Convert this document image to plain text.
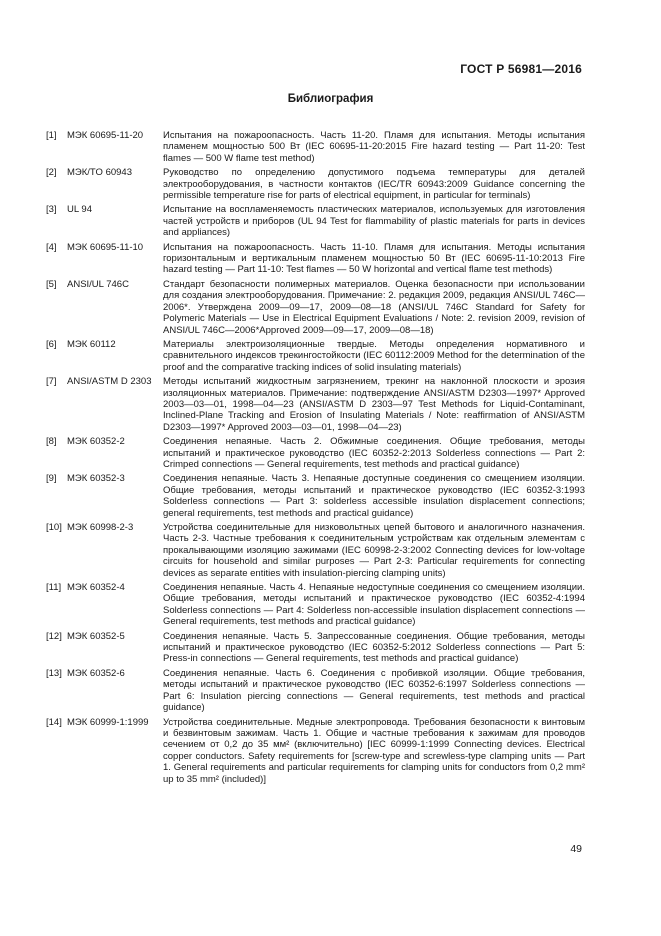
ГОСТ Р 56981—2016
Библиография
[1]	МЭК 60695-11-20	Испытания на пожароопасность. Часть 11-20. Пламя для испытания. Методы испытания пламенем мощностью 500 Вт (IEC 60695-11-20:2015 Fire hazard testing — Part 11-20: Test flames — 500 W flame test method)
[2]	МЭК/TO 60943	Руководство по определению допустимого подъема температуры для деталей электрооборудования, в частности контактов (IEC/TR 60943:2009 Guidance concerning the permissible temperature rise for parts of electrical equipment, in particular for terminals)
[3]	UL 94	Испытание на воспламеняемость пластических материалов, используемых для изготовления частей устройств и приборов (UL 94 Test for flammability of plastic materials for parts in devices and appliances)
[4]	МЭК 60695-11-10	Испытания на пожароопасность. Часть 11-10. Пламя для испытания. Методы испытания горизонтальным и вертикальным пламенем мощностью 50 Вт (IEC 60695-11-10:2013 Fire hazard testing — Part 11-10: Test flames — 50 W horizontal and vertical flame test methods)
[5]	ANSI/UL 746C	Стандарт безопасности полимерных материалов. Оценка безопасности при использовании для создания электрооборудования. Примечание: 2. редакция 2009, редакция ANSI/UL 746C—2006*. Утверждена 2009—09—17, 2009—08—18 (ANSI/UL 746C Standard for Safety for Polymeric Materials — Use in Electrical Equipment Evaluations / Note: 2. revision 2009, revision of ANSI/UL 746C—2006*Approved 2009—09—17, 2009—08—18)
[6]	МЭК 60112	Материалы электроизоляционные твердые. Методы определения нормативного и сравнительного индексов трекингостойкости (IEC 60112:2009 Method for the determination of the proof and the comparative tracking indices of solid insulating materials)
[7]	ANSI/ASTM D 2303	Методы испытаний жидкостным загрязнением, трекинг на наклонной плоскости и эрозия изоляционных материалов. Примечание: подтверждение ANSI/ASTM D2303—1997* Approved 2003—03—01, 1998—04—23 (ANSI/ASTM D 2303—97 Test Methods for Liquid-Contaminant, Inclined-Plane Tracking and Erosion of Insulating Materials / Note: reaffirmation of ANSI/ASTM D2303—1997* Approved 2003—03—01, 1998—04—23)
[8]	МЭК 60352-2	Соединения непаяные. Часть 2. Обжимные соединения. Общие требования, методы испытаний и практическое руководство (IEC 60352-2:2013 Solderless connections — Part 2: Crimped connections — General requirements, test methods and practical guidance)
[9]	МЭК 60352-3	Соединения непаяные. Часть 3. Непаяные доступные соединения со смещением изоляции. Общие требования, методы испытаний и практическое руководство (IEC 60352-3:1993 Solderless connections — Part 3: solderless accessible insulation displacement connections; general requirements, test methods and practical guidance)
[10] МЭК 60998-2-3	Устройства соединительные для низковольтных цепей бытового и аналогичного назначения. Часть 2-3. Частные требования к соединительным устройствам как отдельным элементам с прокалывающими изоляцию зажимами (IEC 60998-2-3:2002 Connecting devices for low-voltage circuits for household and similar purposes — Part 2-3: Particular requirements for connecting devices as separate entities with insulation-piercing clamping units)
[11] МЭК 60352-4	Соединения непаяные. Часть 4. Непаяные недоступные соединения со смещением изоляции. Общие требования, методы испытаний и практическое руководство (IEC 60352-4:1994 Solderless connections — Part 4: Solderless non-accessible insulation displacement connections — General requirements, test methods and practical guidance)
[12] МЭК 60352-5	Соединения непаяные. Часть 5. Запрессованные соединения. Общие требования, методы испытаний и практическое руководство (IEC 60352-5:2012 Solderless connections — Part 5: Press-in connections — General requirements, test methods and practical guidance)
[13] МЭК 60352-6	Соединения непаяные. Часть 6. Соединения с пробивкой изоляции. Общие требования, методы испытаний и практическое руководство (IEC 60352-6:1997 Solderless connections — Part 6: Insulation piercing connections — General requirements, test methods and practical guidance)
[14] МЭК 60999-1:1999	Устройства соединительные. Медные электропровода. Требования безопасности к винтовым и безвинтовым зажимам. Часть 1. Общие и частные требования к зажимам для проводов сечением от 0,2 до 35 мм² (включительно) [IEC 60999-1:1999 Connecting devices. Electrical copper conductors. Safety requirements for [screw-type and screwless-type clamping units — Part 1. General requirements and particular requirements for clamping units for conductors from 0,2 mm² up to 35 mm² (included)]
49
